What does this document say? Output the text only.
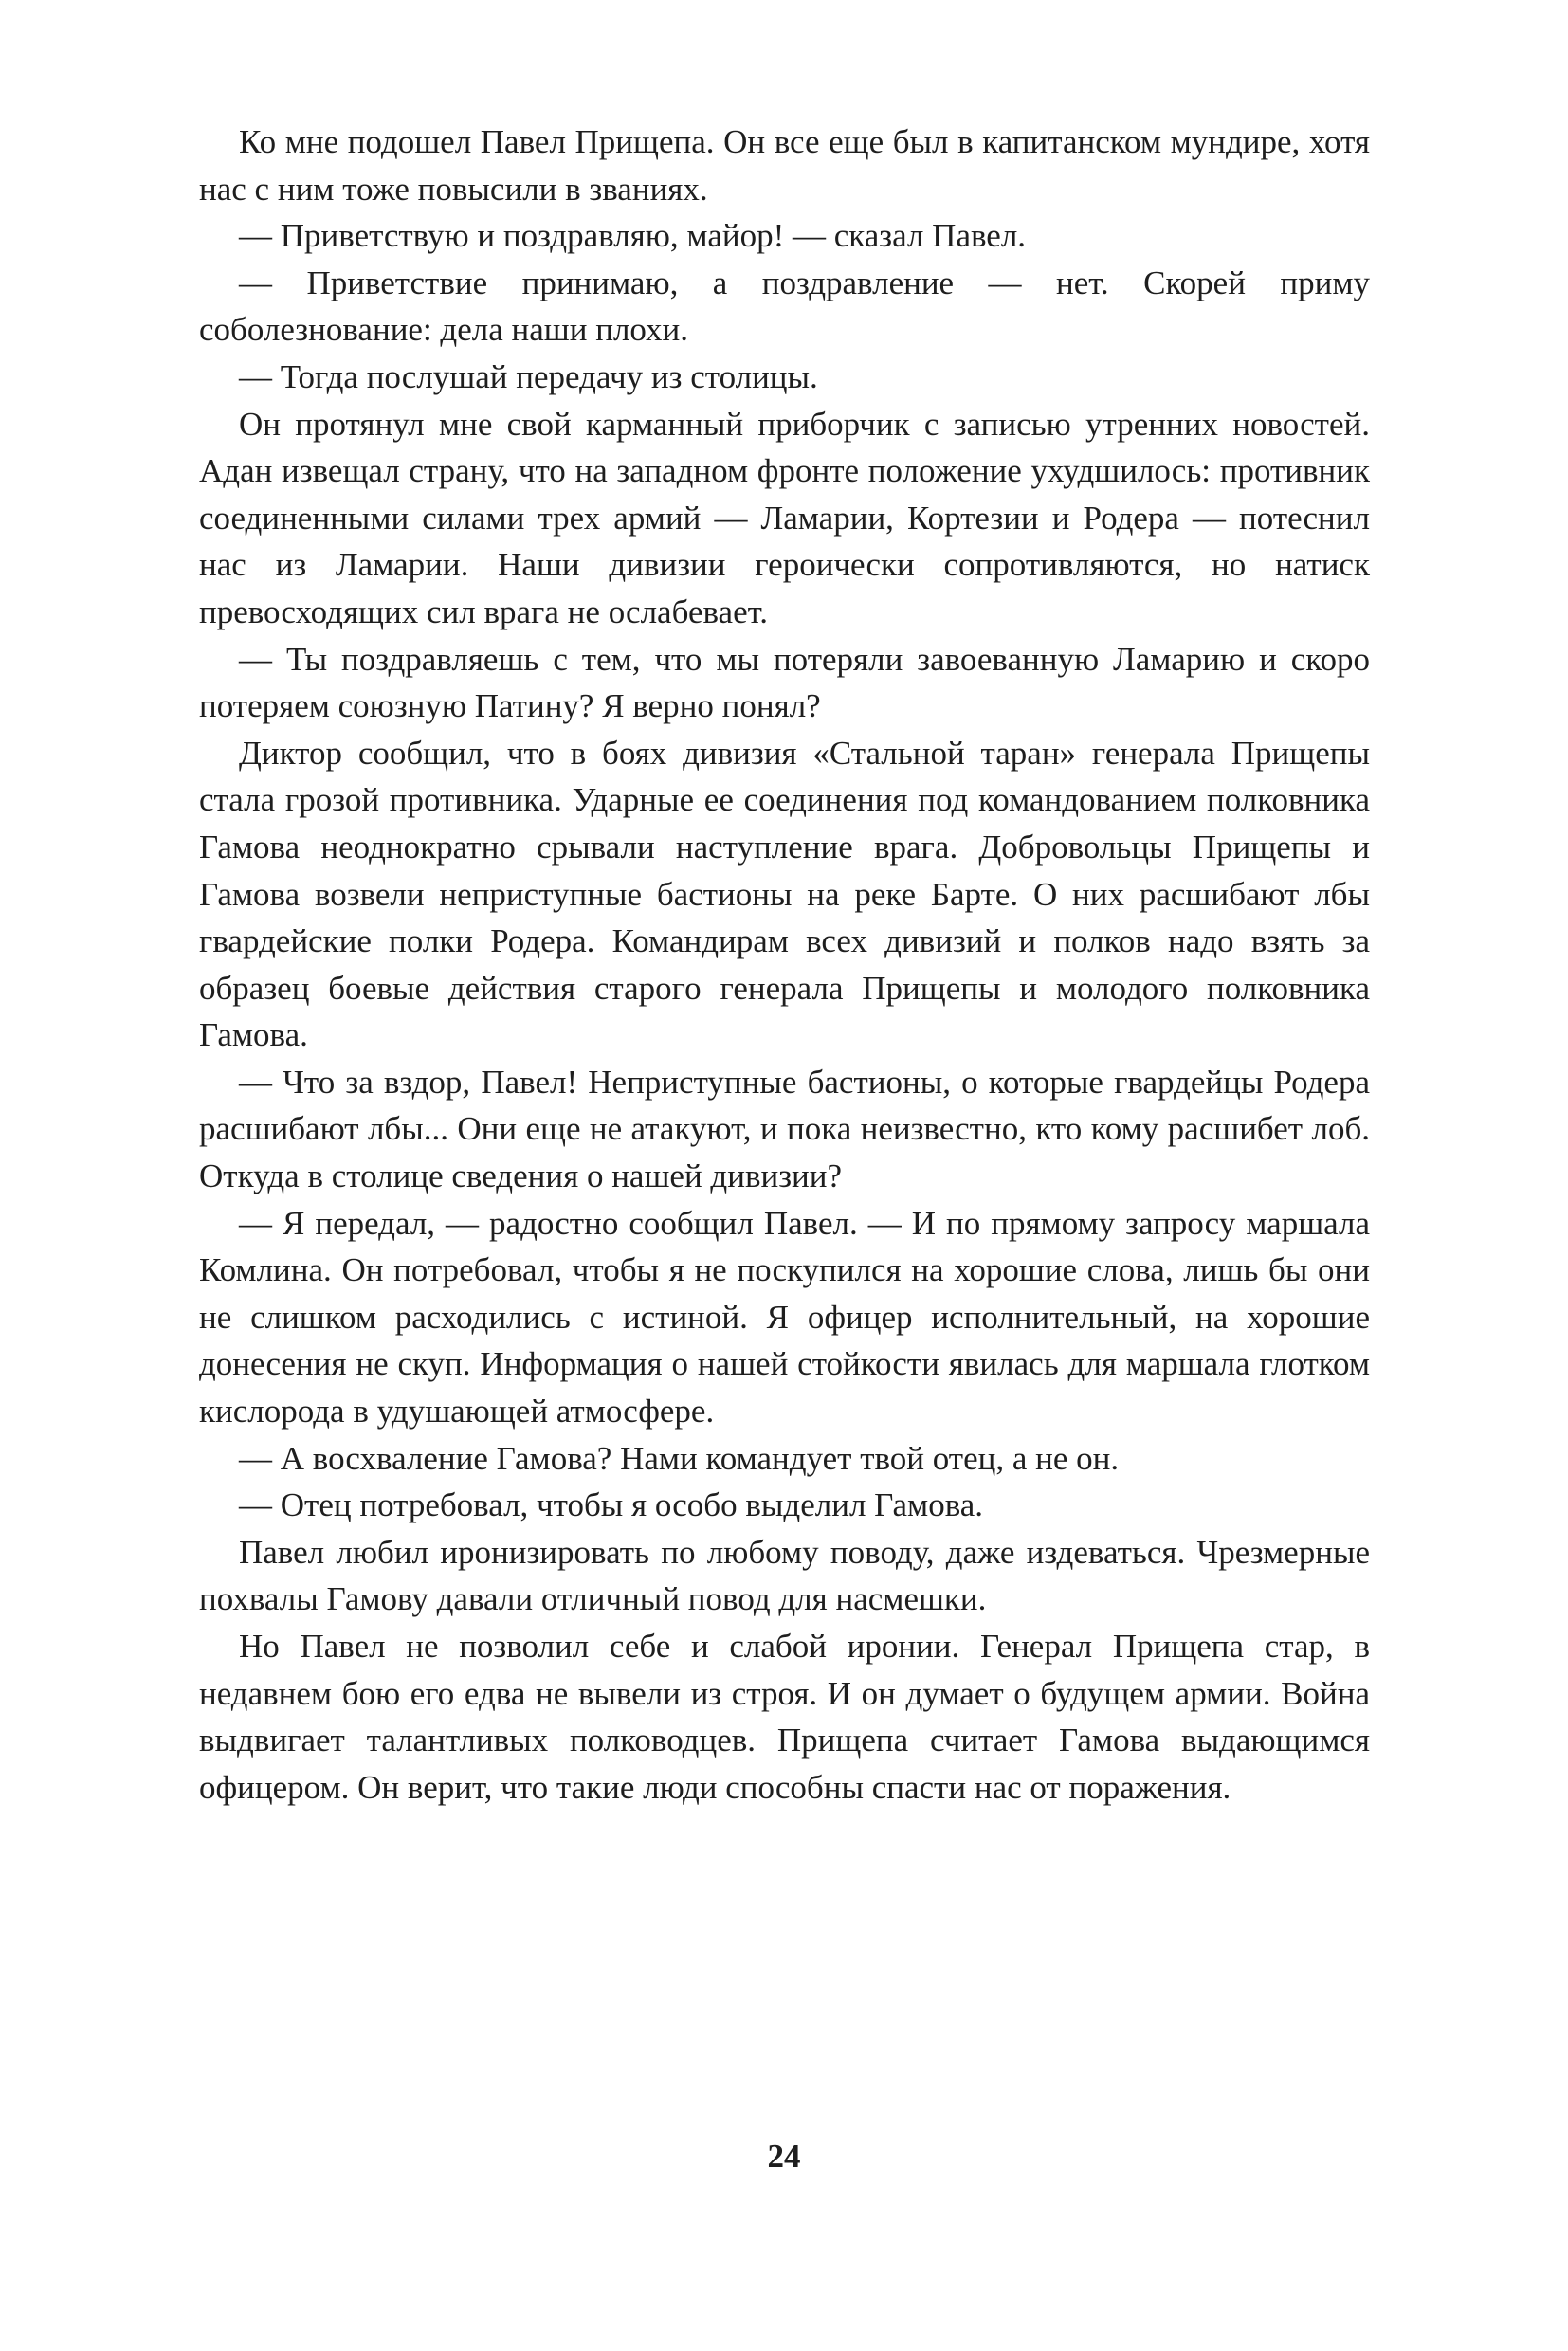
Ко мне подошел Павел Прищепа. Он все еще был в капитанском мундире, хотя нас с ним тоже повысили в званиях.

— Приветствую и поздравляю, майор! — сказал Павел.

— Приветствие принимаю, а поздравление — нет. Скорей приму соболезнование: дела наши плохи.

— Тогда послушай передачу из столицы.

Он протянул мне свой карманный приборчик с записью утренних новостей. Адан извещал страну, что на западном фронте положение ухудшилось: противник соединенными силами трех армий — Ламарии, Кортезии и Родера — потеснил нас из Ламарии. Наши дивизии героически сопротивляются, но натиск превосходящих сил врага не ослабевает.

— Ты поздравляешь с тем, что мы потеряли завоеванную Ламарию и скоро потеряем союзную Патину? Я верно понял?

Диктор сообщил, что в боях дивизия «Стальной таран» генерала Прищепы стала грозой противника. Ударные ее соединения под командованием полковника Гамова неоднократно срывали наступление врага. Добровольцы Прищепы и Гамова возвели неприступные бастионы на реке Барте. О них расшибают лбы гвардейские полки Родера. Командирам всех дивизий и полков надо взять за образец боевые действия старого генерала Прищепы и молодого полковника Гамова.

— Что за вздор, Павел! Неприступные бастионы, о которые гвардейцы Родера расшибают лбы... Они еще не атакуют, и пока неизвестно, кто кому расшибет лоб. Откуда в столице сведения о нашей дивизии?

— Я передал, — радостно сообщил Павел. — И по прямому запросу маршала Комлина. Он потребовал, чтобы я не поскупился на хорошие слова, лишь бы они не слишком расходились с истиной. Я офицер исполнительный, на хорошие донесения не скуп. Информация о нашей стойкости явилась для маршала глотком кислорода в удушающей атмосфере.

— А восхваление Гамова? Нами командует твой отец, а не он.

— Отец потребовал, чтобы я особо выделил Гамова.

Павел любил иронизировать по любому поводу, даже издеваться. Чрезмерные похвалы Гамову давали отличный повод для насмешки.

Но Павел не позволил себе и слабой иронии. Генерал Прищепа стар, в недавнем бою его едва не вывели из строя. И он думает о будущем армии. Война выдвигает талантливых полководцев. Прищепа считает Гамова выдающимся офицером. Он верит, что такие люди способны спасти нас от поражения.

24
